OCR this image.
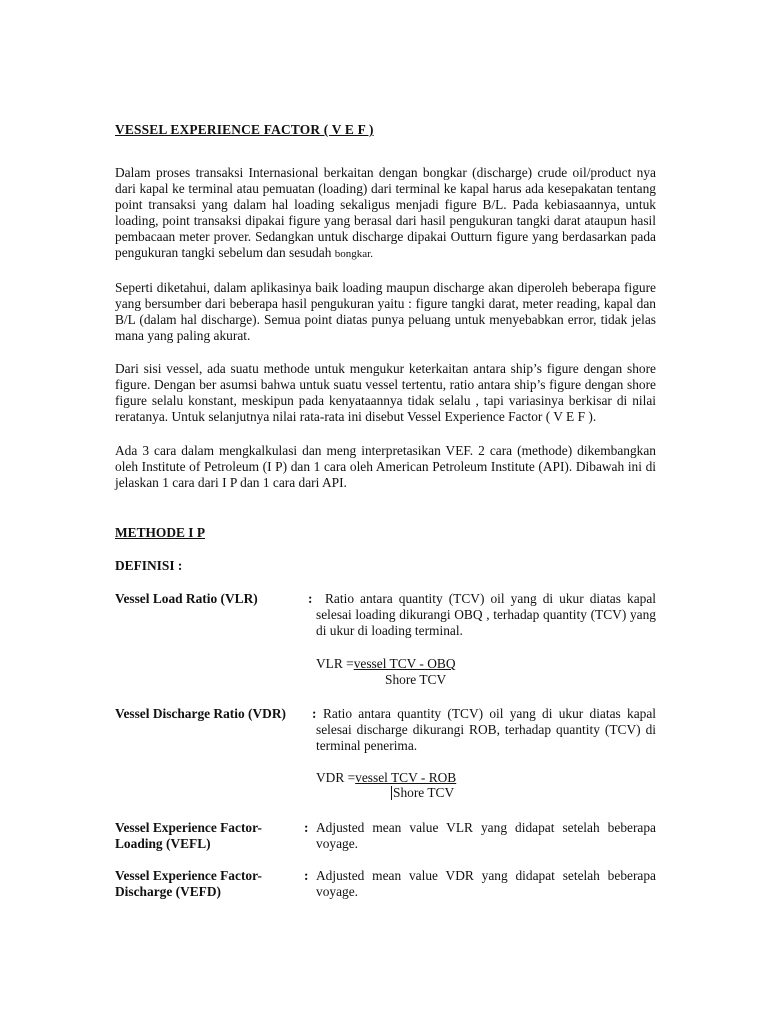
VESSEL EXPERIENCE FACTOR ( V E F )
Dalam proses transaksi Internasional berkaitan dengan bongkar (discharge) crude oil/product nya dari kapal ke terminal atau pemuatan (loading) dari terminal ke kapal harus ada kesepakatan tentang point transaksi yang dalam hal loading sekaligus menjadi figure B/L. Pada kebiasaannya, untuk loading, point transaksi dipakai figure yang berasal dari hasil pengukuran tangki darat ataupun hasil pembacaan meter prover. Sedangkan untuk discharge dipakai Outturn figure yang berdasarkan pada pengukuran tangki sebelum dan sesudah bongkar.
Seperti diketahui, dalam aplikasinya baik loading maupun discharge akan diperoleh beberapa figure yang bersumber dari beberapa hasil pengukuran yaitu : figure tangki darat, meter reading, kapal dan B/L (dalam hal discharge). Semua point diatas punya peluang untuk menyebabkan error, tidak jelas mana yang paling akurat.
Dari sisi vessel, ada suatu methode untuk mengukur keterkaitan antara ship’s figure dengan shore figure. Dengan ber asumsi bahwa untuk suatu vessel tertentu, ratio antara ship’s figure dengan shore figure selalu konstant, meskipun pada kenyataannya tidak selalu , tapi variasinya berkisar di nilai reratanya. Untuk selanjutnya nilai rata-rata ini disebut Vessel Experience Factor ( V E F ).
Ada 3 cara dalam mengkalkulasi dan meng interpretasikan VEF. 2 cara (methode) dikembangkan oleh Institute of Petroleum (I P) dan 1 cara oleh American Petroleum Institute (API). Dibawah ini di jelaskan 1 cara dari I P dan 1 cara dari API.
METHODE I P
DEFINISI :
Vessel Load Ratio (VLR)	: Ratio antara quantity (TCV) oil yang di ukur diatas kapal selesai loading dikurangi OBQ , terhadap quantity (TCV) yang di ukur di loading terminal.
VLR =vessel TCV - OBQ
Shore TCV
Vessel Discharge Ratio (VDR) : Ratio antara quantity (TCV) oil yang di ukur diatas kapal selesai discharge dikurangi ROB, terhadap quantity (TCV) di terminal penerima.
VDR =vessel TCV - ROB
Shore TCV
Vessel Experience Factor-
Loading (VEFL)
: Adjusted mean value VLR yang didapat setelah beberapa voyage.
Vessel Experience Factor-
Discharge (VEFD)
: Adjusted mean value VDR yang didapat setelah beberapa voyage.
